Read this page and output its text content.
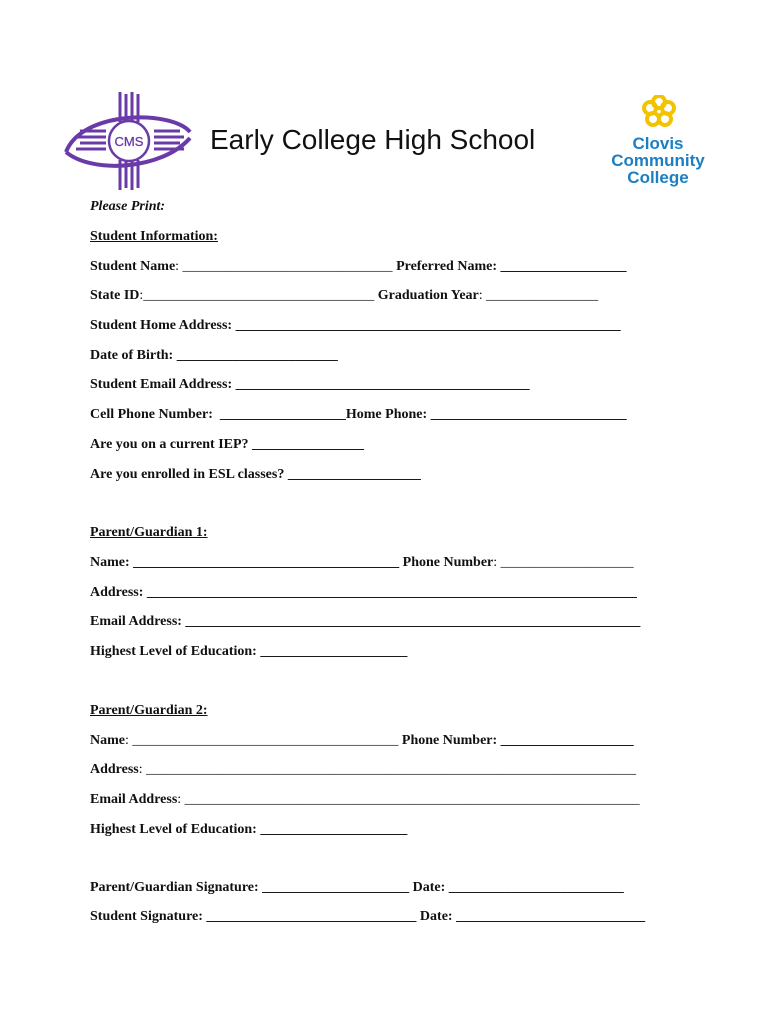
CMS Early College High School	Clovis
Community
College
Please Print:
Student Information:
Student Name: ______________________________ Preferred Name: __________________
State ID:_________________________________ Graduation Year: ________________
Student Home Address: _______________________________________________________
Date of Birth: _______________________
Student Email Address: __________________________________________
Cell Phone Number:  __________________Home Phone: ____________________________
Are you on a current IEP? ________________
Are you enrolled in ESL classes? ___________________
Parent/Guardian 1:
Name: ______________________________________ Phone Number: ___________________
Address: ______________________________________________________________________
Email Address: _________________________________________________________________
Highest Level of Education: _____________________
Parent/Guardian 2:
Name: ______________________________________ Phone Number: ___________________
Address: ______________________________________________________________________
Email Address: _________________________________________________________________
Highest Level of Education: _____________________
Parent/Guardian Signature: _____________________ Date: _________________________
Student Signature: ______________________________ Date: ___________________________
